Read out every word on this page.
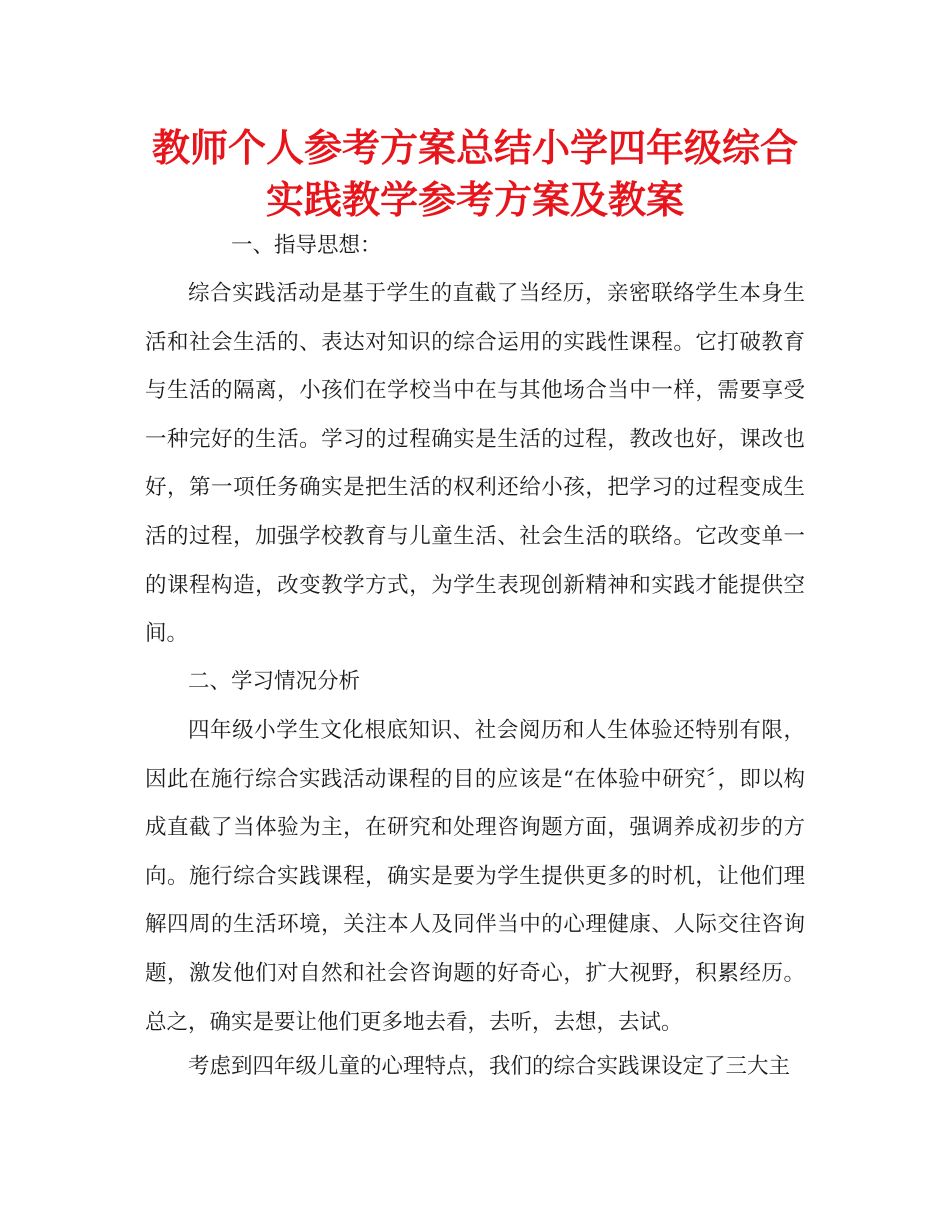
教师个人参考方案总结小学四年级综合实践教学参考方案及教案

一、指导思想：

综合实践活动是基于学生的直截了当经历，亲密联络学生本身生活和社会生活的、表达对知识的综合运用的实践性课程。它打破教育与生活的隔离，小孩们在学校当中在与其他场合当中一样，需要享受一种完好的生活。学习的过程确实是生活的过程，教改也好，课改也好，第一项任务确实是把生活的权利还给小孩，把学习的过程变成生活的过程，加强学校教育与儿童生活、社会生活的联络。它改变单一的课程构造，改变教学方式，为学生表现创新精神和实践才能提供空间。

二、学习情况分析

四年级小学生文化根底知识、社会阅历和人生体验还特别有限，因此在施行综合实践活动课程的目的应该是“在体验中研究〞，即以构成直截了当体验为主，在研究和处理咨询题方面，强调养成初步的方向。施行综合实践课程，确实是要为学生提供更多的时机，让他们理解四周的生活环境，关注本人及同伴当中的心理健康、人际交往咨询题，激发他们对自然和社会咨询题的好奇心，扩大视野，积累经历。总之，确实是要让他们更多地去看，去听，去想，去试。

考虑到四年级儿童的心理特点，我们的综合实践课设定了三大主
